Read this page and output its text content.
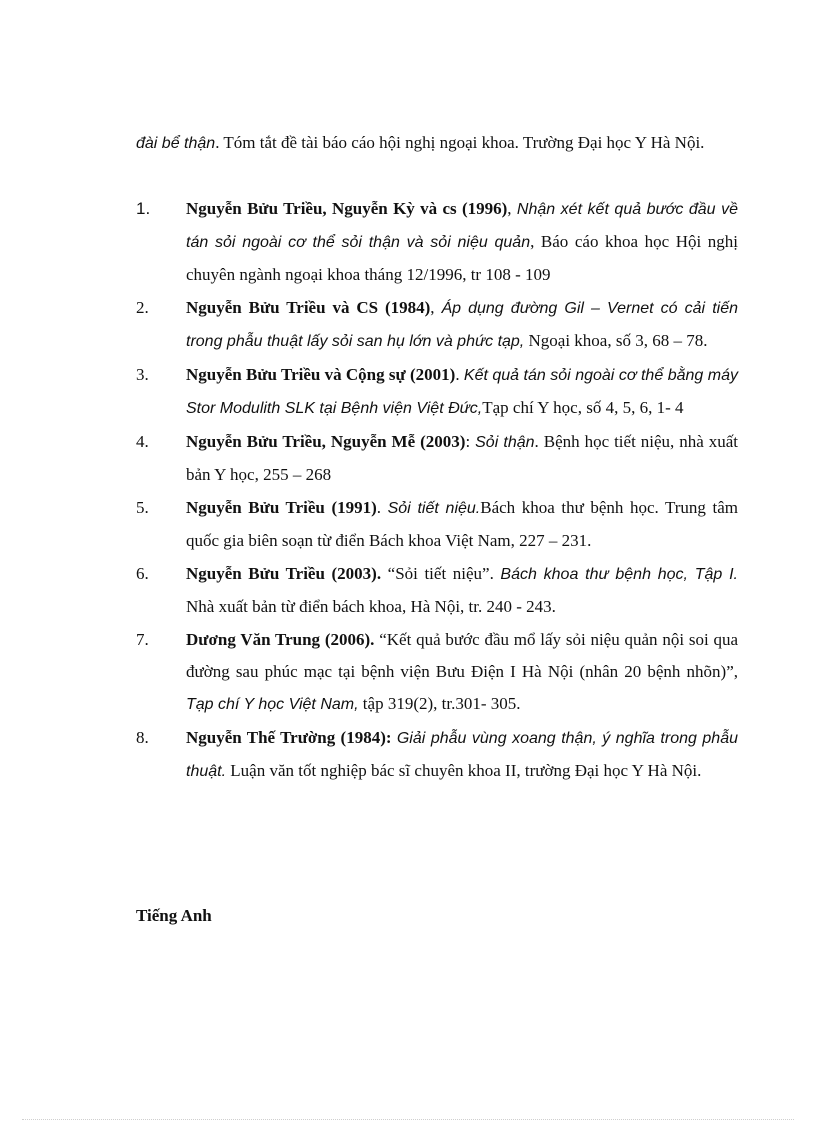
đài bể thận. Tóm tắt đề tài báo cáo hội nghị ngoại khoa. Trường Đại học Y Hà Nội.
1. Nguyễn Bửu Triều, Nguyễn Kỳ và cs (1996), Nhận xét kết quả bước đầu về tán sỏi ngoài cơ thể sỏi thận và sỏi niệu quản, Báo cáo khoa học Hội nghị chuyên ngành ngoại khoa tháng 12/1996, tr 108 - 109
2. Nguyễn Bửu Triều và CS (1984), Áp dụng đường Gil – Vernet có cải tiến trong phẫu thuật lấy sỏi san hụ lớn và phức tạp, Ngoại khoa, số 3, 68 – 78.
3. Nguyễn Bửu Triều và Cộng sự (2001). Kết quả tán sỏi ngoài cơ thể bằng máy Stor Modulith SLK tại Bệnh viện Việt Đức,Tạp chí Y học, số 4, 5, 6, 1- 4
4. Nguyễn Bửu Triều, Nguyễn Mễ (2003): Sỏi thận. Bệnh học tiết niệu, nhà xuất bản Y học, 255 – 268
5. Nguyễn Bửu Triều (1991). Sỏi tiết niệu.Bách khoa thư bệnh học. Trung tâm quốc gia biên soạn từ điển Bách khoa Việt Nam, 227 – 231.
6. Nguyễn Bửu Triều (2003). “Sỏi tiết niệu”. Bách khoa thư bệnh học, Tập I. Nhà xuất bản từ điển bách khoa, Hà Nội, tr. 240 - 243.
7. Dương Văn Trung (2006). “Kết quả bước đầu mổ lấy sỏi niệu quản nội soi qua đường sau phúc mạc tại bệnh viện Bưu Điện I Hà Nội (nhân 20 bệnh nhõn)”, Tạp chí Y học Việt Nam, tập 319(2), tr.301- 305.
8. Nguyễn Thế Trường (1984): Giải phẫu vùng xoang thận, ý nghĩa trong phẫu thuật. Luận văn tốt nghiệp bác sĩ chuyên khoa II, trường Đại học Y Hà Nội.
Tiếng Anh
